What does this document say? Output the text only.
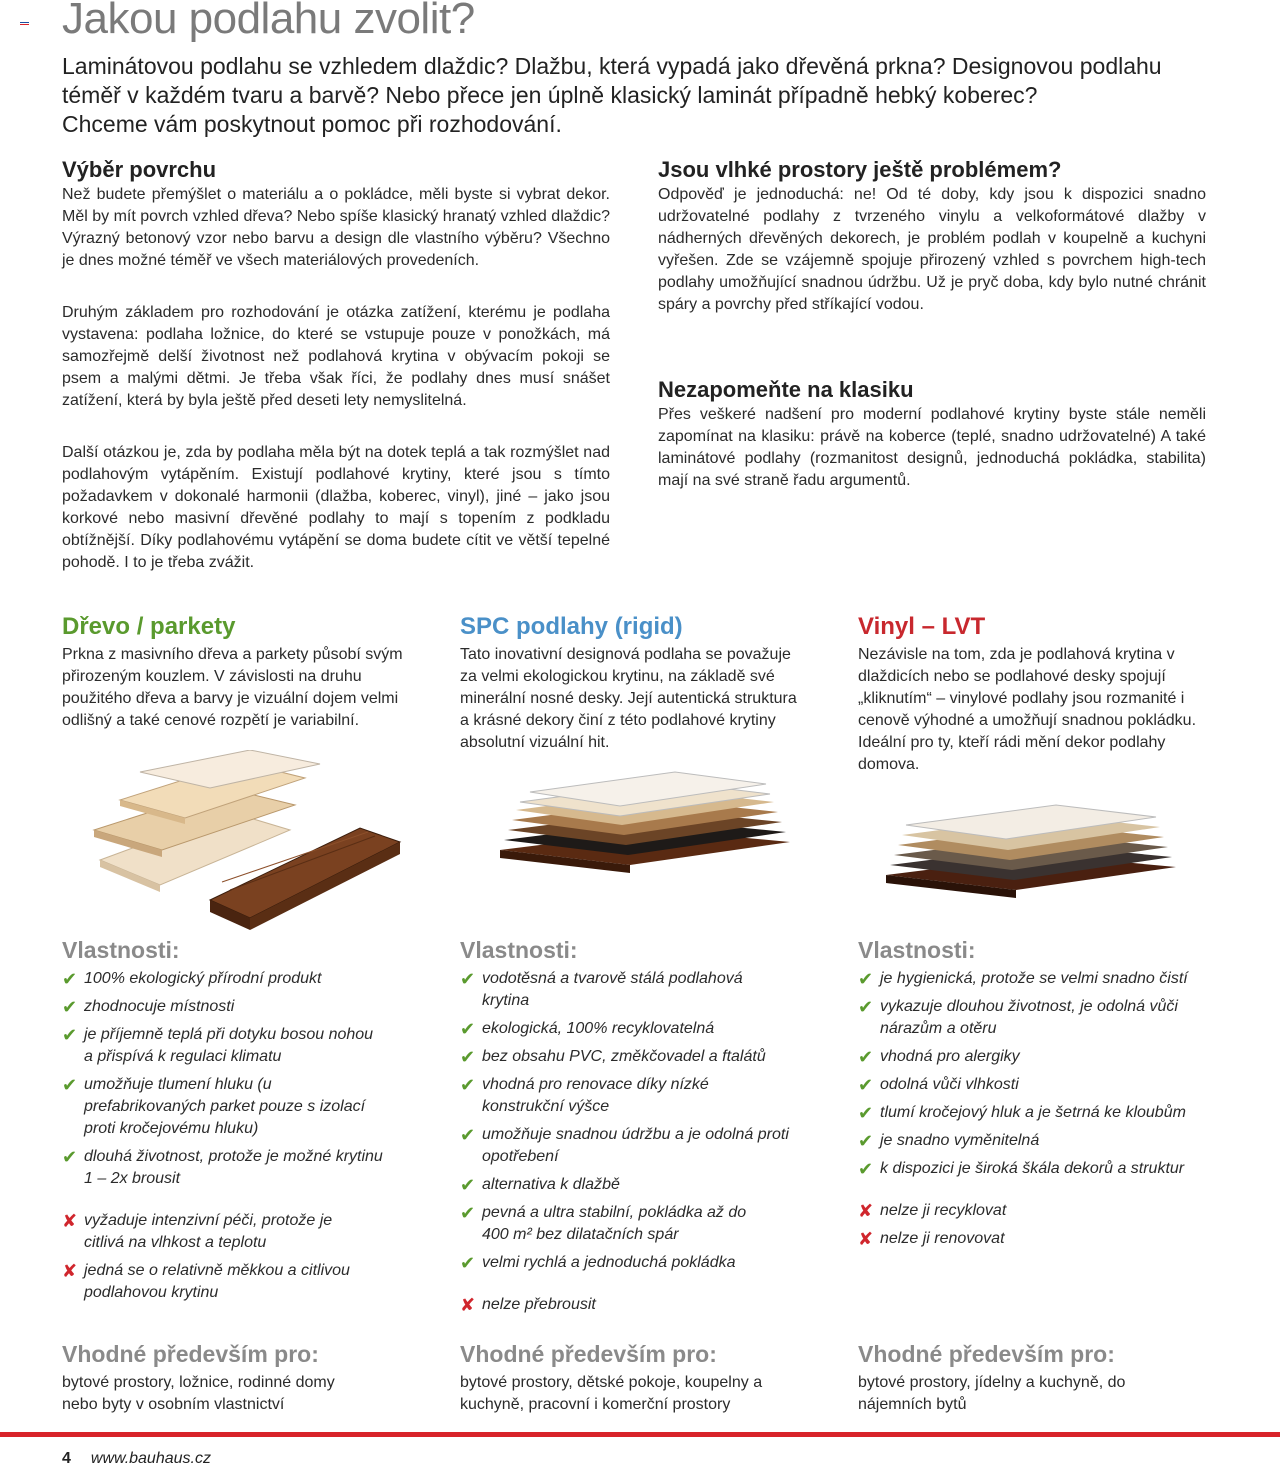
Jakou podlahu zvolit?
Laminátovou podlahu se vzhledem dlaždic? Dlažbu, která vypadá jako dřevěná prkna? Designovou podlahu
téměř v každém tvaru a barvě? Nebo přece jen úplně klasický laminát případně hebký koberec?
Chceme vám poskytnout pomoc při rozhodování.
Výběr povrchu

Než budete přemýšlet o materiálu a o pokládce, měli byste si vybrat dekor. Měl by mít povrch vzhled dřeva? Nebo spíše klasický hranatý vzhled dlaždic? Výrazný betonový vzor nebo barvu a design dle vlastního výběru? Všechno je dnes možné téměř ve všech materiálových provedeních.

Druhým základem pro rozhodování je otázka zatížení, kterému je podlaha vystavena: podlaha ložnice, do které se vstupuje pouze v ponožkách, má samozřejmě delší životnost než podlahová krytina v obývacím pokoji se psem a malými dětmi. Je třeba však říci, že podlahy dnes musí snášet zatížení, která by byla ještě před deseti lety nemyslitelná.

Další otázkou je, zda by podlaha měla být na dotek teplá a tak rozmýšlet nad podlahovým vytápěním. Existují podlahové krytiny, které jsou s tímto požadavkem v dokonalé harmonii (dlažba, koberec, vinyl), jiné – jako jsou korkové nebo masivní dřevěné podlahy to mají s topením z podkladu obtížnější. Díky podlahovému vytápění se doma budete cítit ve větší tepelné pohodě. I to je třeba zvážit.

Jsou vlhké prostory ještě problémem?

Odpověď je jednoduchá: ne! Od té doby, kdy jsou k dispozici snadno udržovatelné podlahy z tvrzeného vinylu a velkoformátové dlažby v nádherných dřevěných dekorech, je problém podlah v koupelně a kuchyni vyřešen. Zde se vzájemně spojuje přirozený vzhled s povrchem high-tech podlahy umožňující snadnou údržbu. Už je pryč doba, kdy bylo nutné chránit spáry a povrchy před stříkající vodou.

Nezapomeňte na klasiku

Přes veškeré nadšení pro moderní podlahové krytiny byste stále neměli zapomínat na klasiku: právě na koberce (teplé, snadno udržovatelné) A také laminátové podlahy (rozmanitost designů, jednoduchá pokládka, stabilita) mají na své straně řadu argumentů.

Dřevo / parkety

Prkna z masivního dřeva a parkety působí svým přirozeným kouzlem. V závislosti na druhu použitého dřeva a barvy je vizuální dojem velmi odlišný a také cenové rozpětí je variabilní.

SPC podlahy (rigid)

Tato inovativní designová podlaha se považuje za velmi ekologickou krytinu, na základě své minerální nosné desky. Její autentická struktura a krásné dekory činí z této podlahové krytiny absolutní vizuální hit.

Vinyl – LVT

Nezávisle na tom, zda je podlahová krytina v dlaždicích nebo se podlahové desky spojují „kliknutím“ – vinylové podlahy jsou rozmanité i cenově výhodné a umožňují snadnou pokládku. Ideální pro ty, kteří rádi mění dekor podlahy domova.

Vlastnosti:
✔ 100% ekologický přírodní produkt
✔ zhodnocuje místnosti
✔ je příjemně teplá při dotyku bosou nohou a přispívá k regulaci klimatu
✔ umožňuje tlumení hluku (u prefabrikovaných parket pouze s izolací proti kročejovému hluku)
✔ dlouhá životnost, protože je možné krytinu 1 – 2x brousit
✘ vyžaduje intenzivní péči, protože je citlivá na vlhkost a teplotu
✘ jedná se o relativně měkkou a citlivou podlahovou krytinu
Vlastnosti:
✔ vodotěsná a tvarově stálá podlahová krytina
✔ ekologická, 100% recyklovatelná
✔ bez obsahu PVC, změkčovadel a ftalátů
✔ vhodná pro renovace díky nízké konstrukční výšce
✔ umožňuje snadnou údržbu a je odolná proti opotřebení
✔ alternativa k dlažbě
✔ pevná a ultra stabilní, pokládka až do 400 m² bez dilatačních spár
✔ velmi rychlá a jednoduchá pokládka
✘ nelze přebrousit
Vlastnosti:
✔ je hygienická, protože se velmi snadno čistí
✔ vykazuje dlouhou životnost, je odolná vůči nárazům a otěru
✔ vhodná pro alergiky
✔ odolná vůči vlhkosti
✔ tlumí kročejový hluk a je šetrná ke kloubům
✔ je snadno vyměnitelná
✔ k dispozici je široká škála dekorů a struktur
✘ nelze ji recyklovat
✘ nelze ji renovovat
Vhodné především pro:

bytové prostory, ložnice, rodinné domy nebo byty v osobním vlastnictví

Vhodné především pro:

bytové prostory, dětské pokoje, koupelny a kuchyně, pracovní i komerční prostory

Vhodné především pro:

bytové prostory, jídelny a kuchyně, do nájemních bytů

4 www.bauhaus.cz
